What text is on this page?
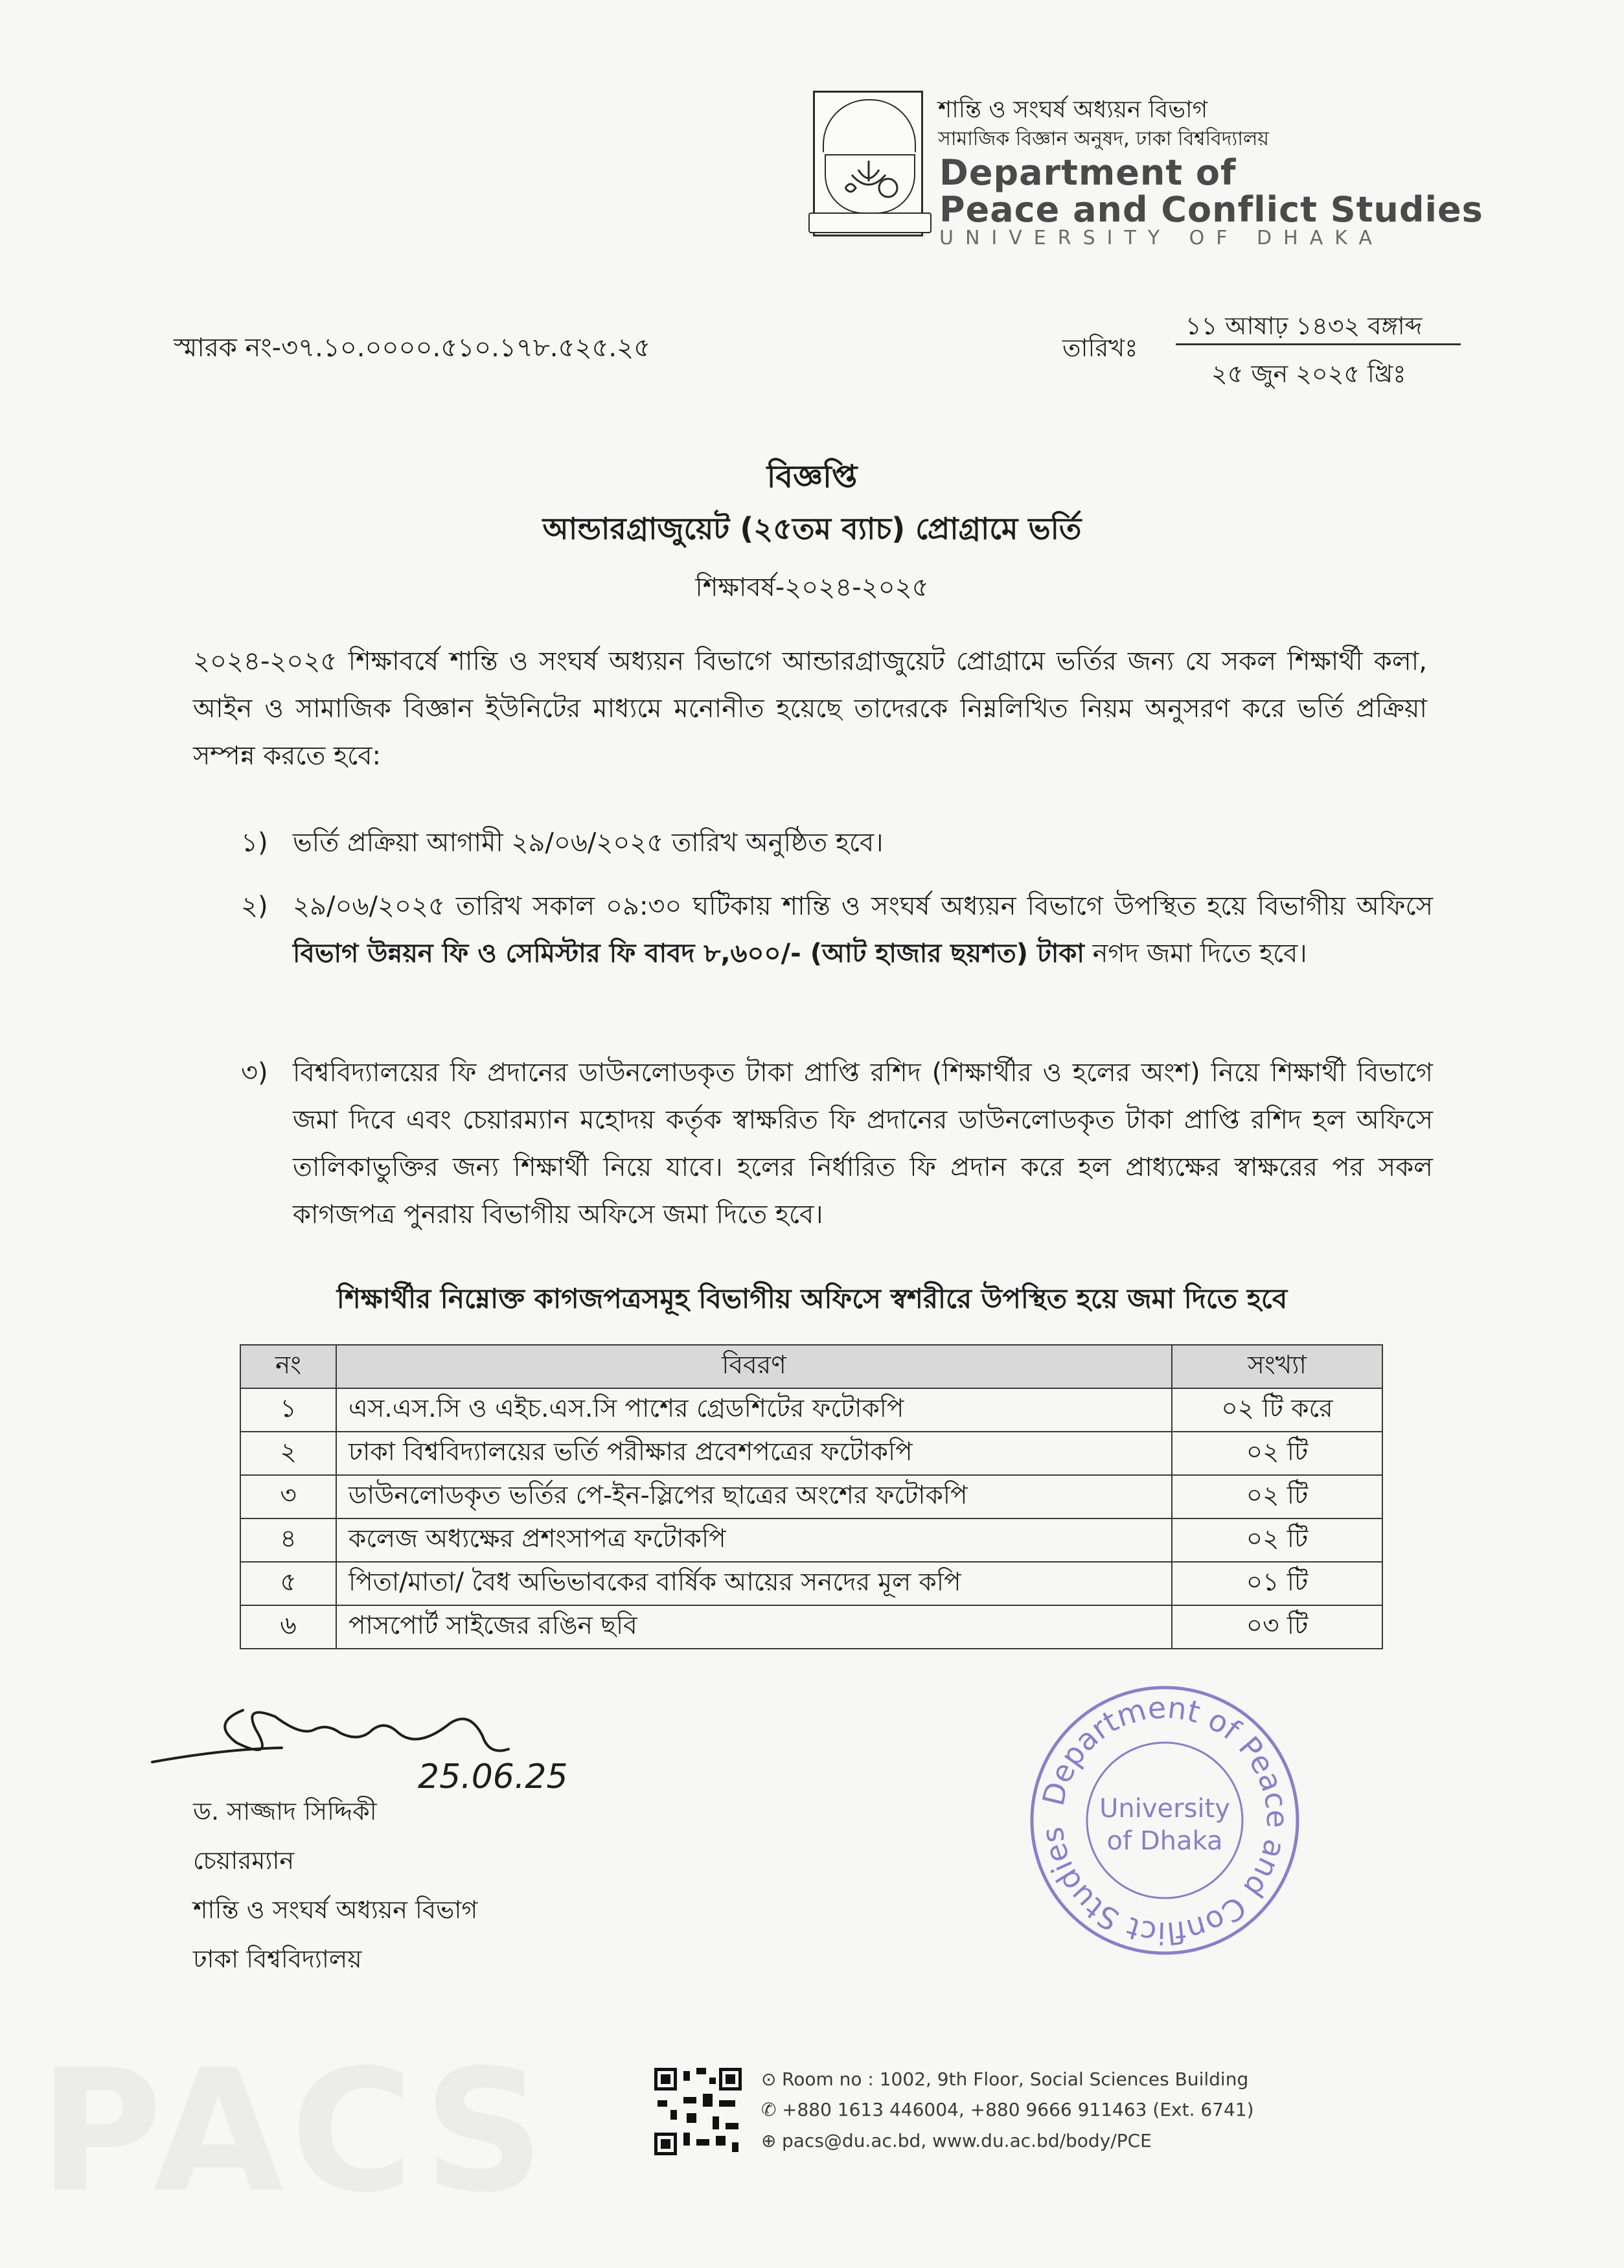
PACS
শান্তি ও সংঘর্ষ অধ্যয়ন বিভাগ
সামাজিক বিজ্ঞান অনুষদ, ঢাকা বিশ্ববিদ্যালয়
Department of
Peace and Conflict Studies
UNIVERSITY OF DHAKA
স্মারক নং-৩৭.১০.০০০০.৫১০.১৭৮.৫২৫.২৫	তারিখঃ
১১ আষাঢ় ১৪৩২ বঙ্গাব্দ
২৫ জুন ২০২৫ খ্রিঃ
বিজ্ঞপ্তি
আন্ডারগ্রাজুয়েট (২৫তম ব্যাচ) প্রোগ্রামে ভর্তি
শিক্ষাবর্ষ-২০২৪-২০২৫
২০২৪-২০২৫ শিক্ষাবর্ষে শান্তি ও সংঘর্ষ অধ্যয়ন বিভাগে আন্ডারগ্রাজুয়েট প্রোগ্রামে ভর্তির জন্য যে সকল শিক্ষার্থী কলা, আইন ও সামাজিক বিজ্ঞান ইউনিটের মাধ্যমে মনোনীত হয়েছে তাদেরকে নিম্নলিখিত নিয়ম অনুসরণ করে ভর্তি প্রক্রিয়া সম্পন্ন করতে হবে:
১) ভর্তি প্রক্রিয়া আগামী ২৯/০৬/২০২৫ তারিখ অনুষ্ঠিত হবে।
২) ২৯/০৬/২০২৫ তারিখ সকাল ০৯:৩০ ঘটিকায় শান্তি ও সংঘর্ষ অধ্যয়ন বিভাগে উপস্থিত হয়ে বিভাগীয় অফিসে বিভাগ উন্নয়ন ফি ও সেমিস্টার ফি বাবদ ৮,৬০০/- (আট হাজার ছয়শত) টাকা নগদ জমা দিতে হবে।
৩) বিশ্ববিদ্যালয়ের ফি প্রদানের ডাউনলোডকৃত টাকা প্রাপ্তি রশিদ (শিক্ষার্থীর ও হলের অংশ) নিয়ে শিক্ষার্থী বিভাগে জমা দিবে এবং চেয়ারম্যান মহোদয় কর্তৃক স্বাক্ষরিত ফি প্রদানের ডাউনলোডকৃত টাকা প্রাপ্তি রশিদ হল অফিসে তালিকাভুক্তির জন্য শিক্ষার্থী নিয়ে যাবে। হলের নির্ধারিত ফি প্রদান করে হল প্রাধ্যক্ষের স্বাক্ষরের পর সকল কাগজপত্র পুনরায় বিভাগীয় অফিসে জমা দিতে হবে।
শিক্ষার্থীর নিম্নোক্ত কাগজপত্রসমূহ বিভাগীয় অফিসে স্বশরীরে উপস্থিত হয়ে জমা দিতে হবে
নং	বিবরণ	সংখ্যা
১	এস.এস.সি ও এইচ.এস.সি পাশের গ্রেডশিটের ফটোকপি	০২ টি করে
২	ঢাকা বিশ্ববিদ্যালয়ের ভর্তি পরীক্ষার প্রবেশপত্রের ফটোকপি	০২ টি
৩	ডাউনলোডকৃত ভর্তির পে-ইন-স্লিপের ছাত্রের অংশের ফটোকপি	০২ টি
৪	কলেজ অধ্যক্ষের প্রশংসাপত্র ফটোকপি	০২ টি
৫	পিতা/মাতা/ বৈধ অভিভাবকের বার্ষিক আয়ের সনদের মূল কপি	০১ টি
৬	পাসপোর্ট সাইজের রঙিন ছবি	০৩ টি
25.06.25
ড. সাজ্জাদ সিদ্দিকী
চেয়ারম্যান
শান্তি ও সংঘর্ষ অধ্যয়ন বিভাগ
ঢাকা বিশ্ববিদ্যালয়
Department of Peace and Conflict Studies
University
of Dhaka
⊙ Room no : 1002, 9th Floor, Social Sciences Building
✆ +880 1613 446004, +880 9666 911463 (Ext. 6741)
⊕ pacs@du.ac.bd, www.du.ac.bd/body/PCE
